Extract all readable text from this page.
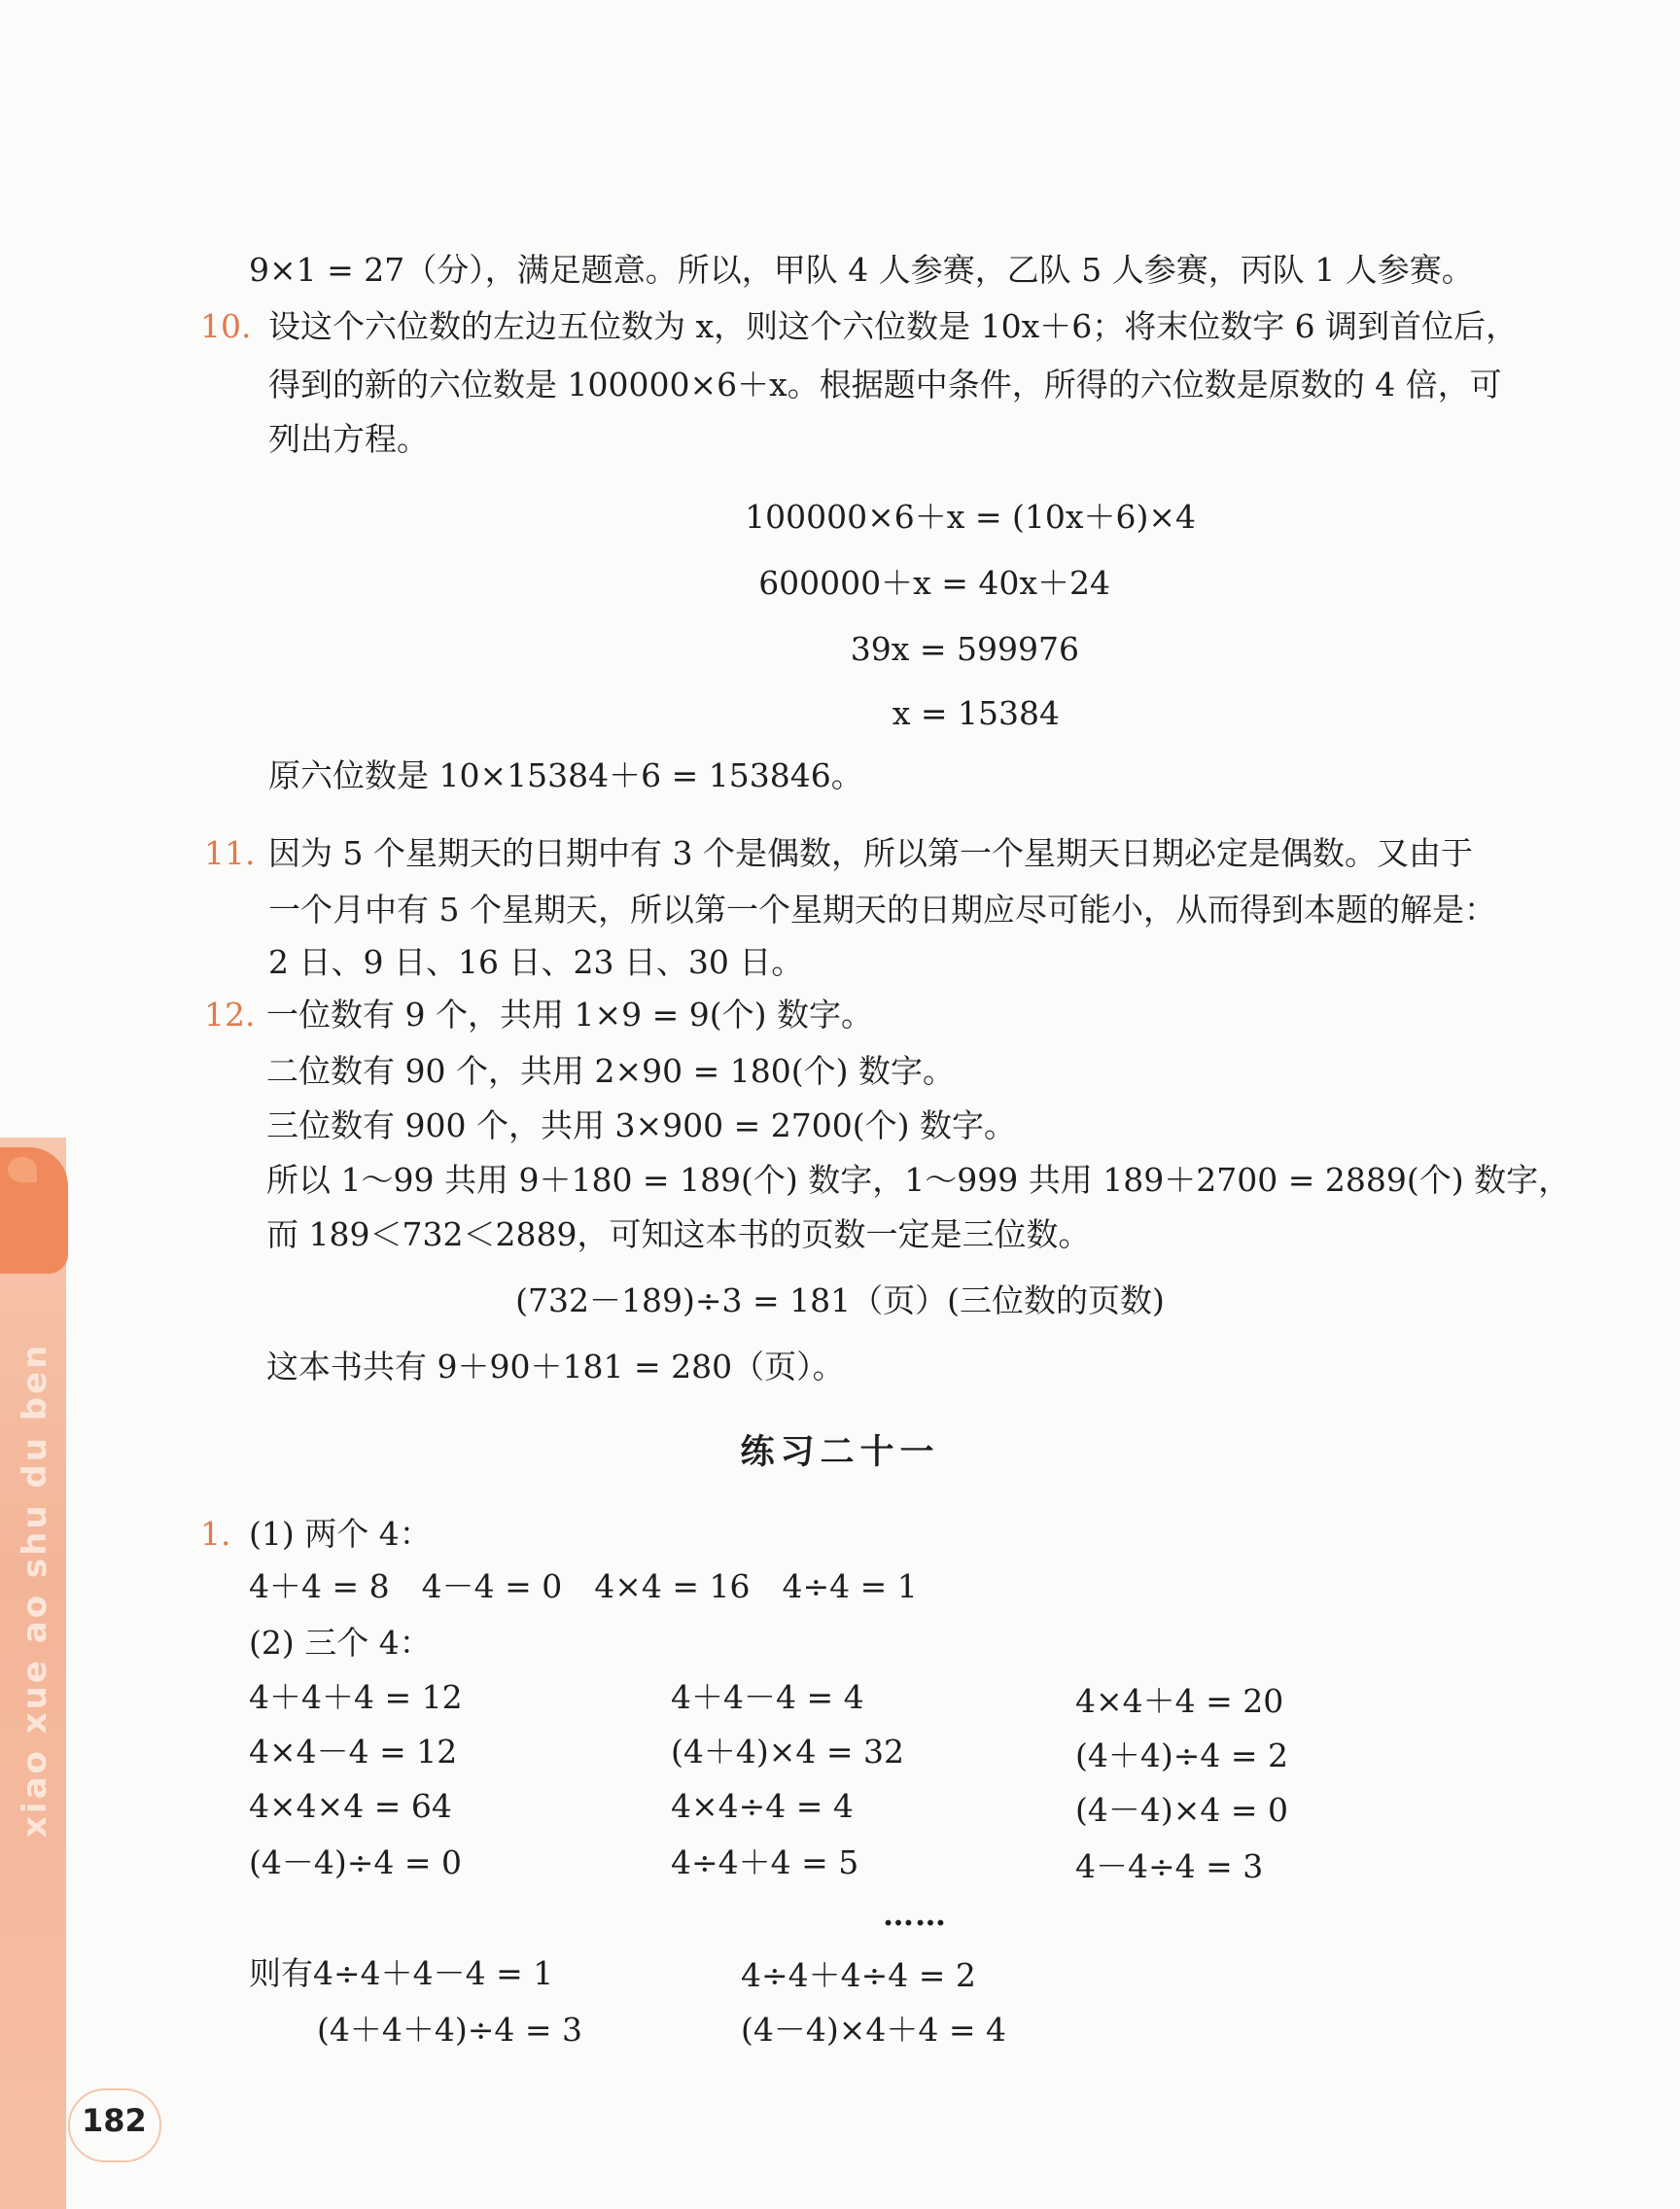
xiao xue ao shu du ben
9×1 = 27（分），满足题意。所以，甲队 4 人参赛，乙队 5 人参赛，丙队 1 人参赛。
10. 设这个六位数的左边五位数为 x，则这个六位数是 10x＋6；将末位数字 6 调到首位后，
得到的新的六位数是 100000×6＋x。根据题中条件，所得的六位数是原数的 4 倍，可
列出方程。
100000×6＋x = (10x＋6)×4
600000＋x = 40x＋24
39x = 599976
x = 15384
原六位数是 10×15384＋6 = 153846。
11. 因为 5 个星期天的日期中有 3 个是偶数，所以第一个星期天日期必定是偶数。又由于
一个月中有 5 个星期天，所以第一个星期天的日期应尽可能小，从而得到本题的解是：
2 日、9 日、16 日、23 日、30 日。
12. 一位数有 9 个，共用 1×9 = 9(个) 数字。
二位数有 90 个，共用 2×90 = 180(个) 数字。
三位数有 900 个，共用 3×900 = 2700(个) 数字。
所以 1～99 共用 9＋180 = 189(个) 数字，1～999 共用 189＋2700 = 2889(个) 数字，
而 189＜732＜2889，可知这本书的页数一定是三位数。
(732－189)÷3 = 181（页）(三位数的页数)
这本书共有 9＋90＋181 = 280（页）。
练习二十一
1. (1) 两个 4：
4＋4 = 8　4－4 = 0　4×4 = 16　4÷4 = 1
(2) 三个 4：
4＋4＋4 = 12	4＋4－4 = 4	4×4＋4 = 20
4×4－4 = 12	(4＋4)×4 = 32	(4＋4)÷4 = 2
4×4×4 = 64	4×4÷4 = 4	(4－4)×4 = 0
(4－4)÷4 = 0	4÷4＋4 = 5	4－4÷4 = 3
……
则有4÷4＋4－4 = 1	4÷4＋4÷4 = 2
(4＋4＋4)÷4 = 3	(4－4)×4＋4 = 4
182
